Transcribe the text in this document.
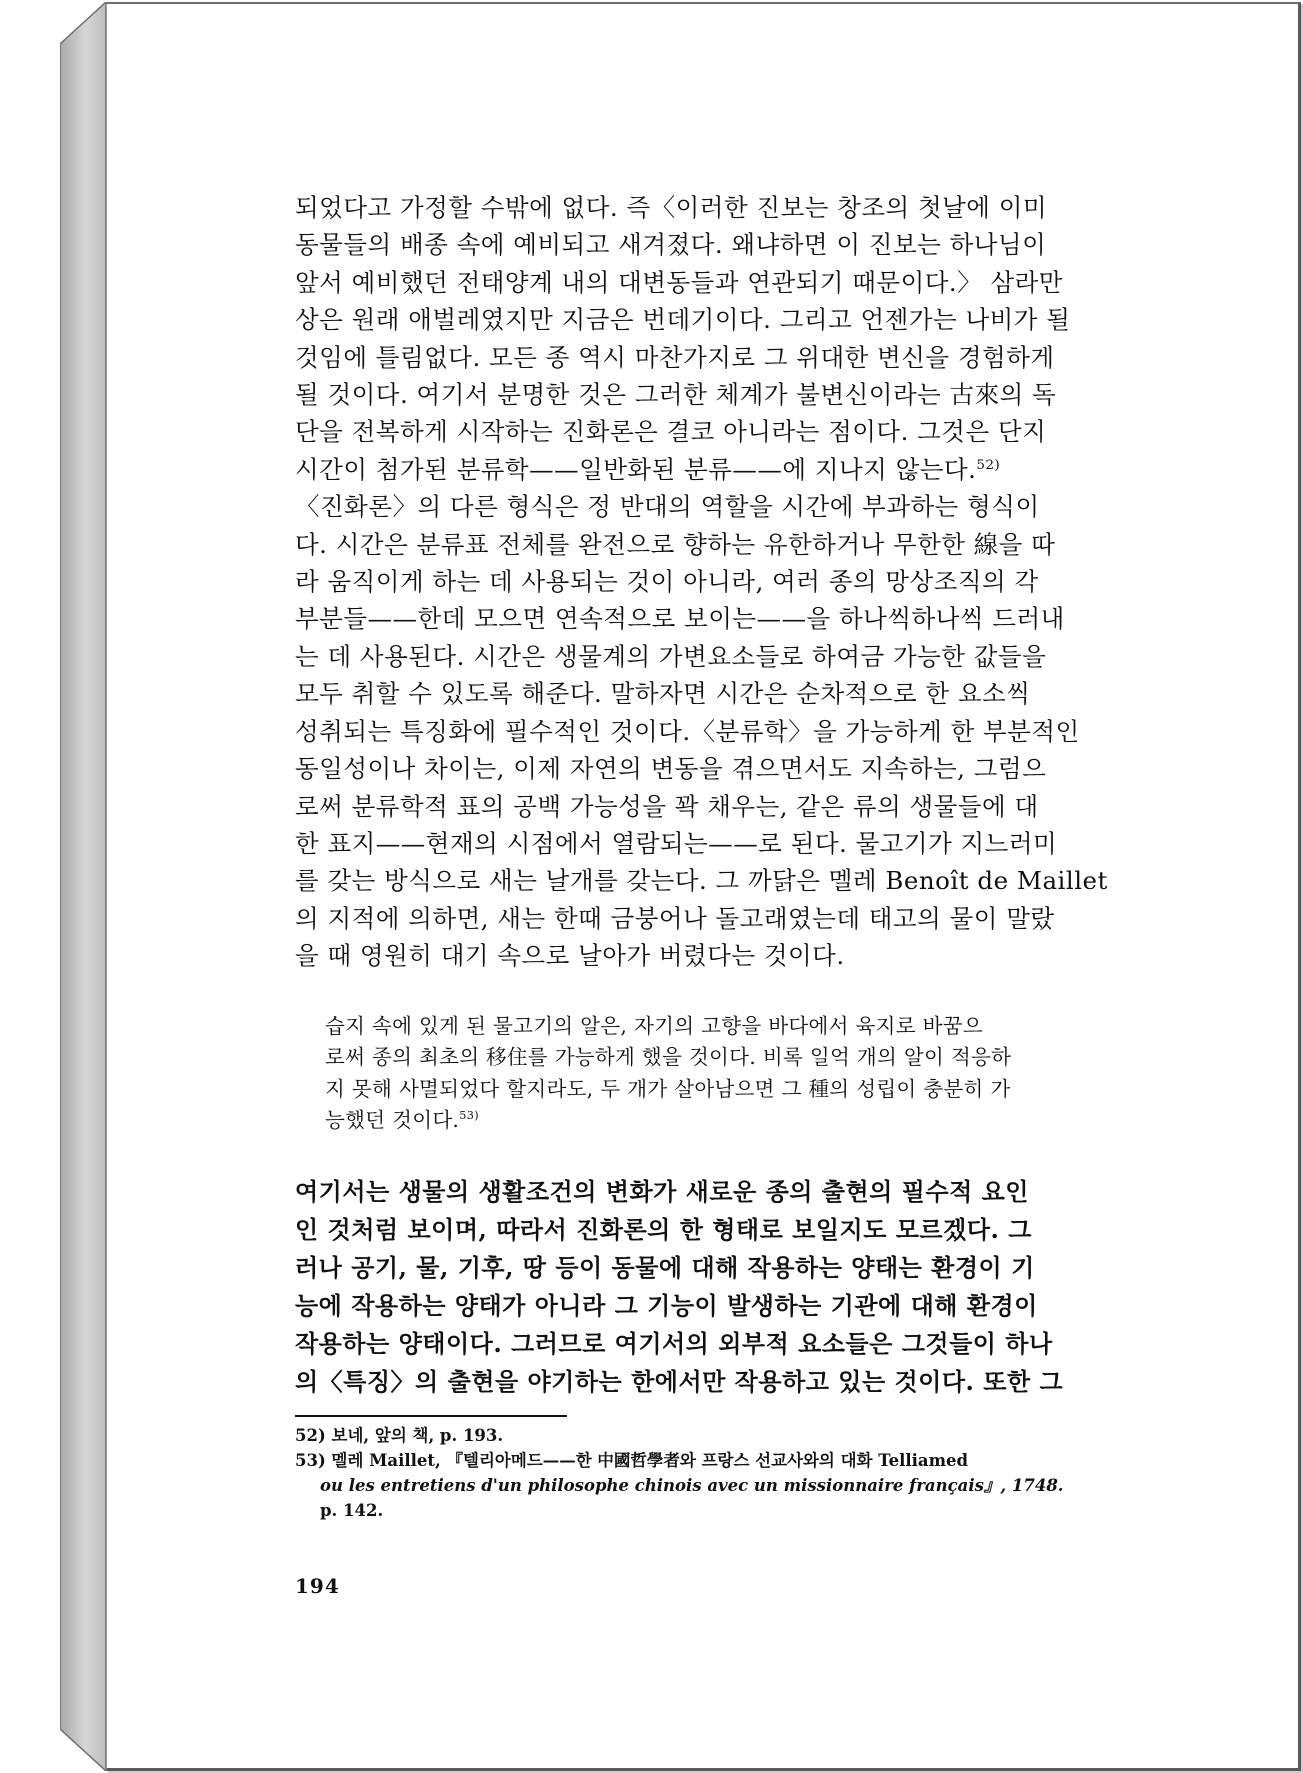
되었다고 가정할 수밖에 없다. 즉〈이러한 진보는 창조의 첫날에 이미
동물들의 배종 속에 예비되고 새겨졌다. 왜냐하면 이 진보는 하나님이
앞서 예비했던 전태양계 내의 대변동들과 연관되기 때문이다.〉 삼라만
상은 원래 애벌레였지만 지금은 번데기이다. 그리고 언젠가는 나비가 될
것임에 틀림없다. 모든 종 역시 마찬가지로 그 위대한 변신을 경험하게
될 것이다. 여기서 분명한 것은 그러한 체계가 불변신이라는 古來의 독
단을 전복하게 시작하는 진화론은 결코 아니라는 점이다. 그것은 단지
시간이 첨가된 분류학——일반화된 분류——에 지나지 않는다.$^{52)}$

〈진화론〉의 다른 형식은 정 반대의 역할을 시간에 부과하는 형식이
다. 시간은 분류표 전체를 완전으로 향하는 유한하거나 무한한 線을 따
라 움직이게 하는 데 사용되는 것이 아니라, 여러 종의 망상조직의 각
부분들——한데 모으면 연속적으로 보이는——을 하나씩하나씩 드러내
는 데 사용된다. 시간은 생물계의 가변요소들로 하여금 가능한 값들을
모두 취할 수 있도록 해준다. 말하자면 시간은 순차적으로 한 요소씩
성취되는 특징화에 필수적인 것이다.〈분류학〉을 가능하게 한 부분적인
동일성이나 차이는, 이제 자연의 변동을 겪으면서도 지속하는, 그럼으
로써 분류학적 표의 공백 가능성을 꽉 채우는, 같은 류의 생물들에 대
한 표지——현재의 시점에서 열람되는——로 된다. 물고기가 지느러미
를 갖는 방식으로 새는 날개를 갖는다. 그 까닭은 멜레 Benoît de Maillet
의 지적에 의하면, 새는 한때 금붕어나 돌고래였는데 태고의 물이 말랐
을 때 영원히 대기 속으로 날아가 버렸다는 것이다.

습지 속에 있게 된 물고기의 알은, 자기의 고향을 바다에서 육지로 바꿈으
로써 종의 최초의 移住를 가능하게 했을 것이다. 비록 일억 개의 알이 적응하
지 못해 사멸되었다 할지라도, 두 개가 살아남으면 그 種의 성립이 충분히 가
능했던 것이다.$^{53)}$

여기서는 생물의 생활조건의 변화가 새로운 종의 출현의 필수적 요인
인 것처럼 보이며, 따라서 진화론의 한 형태로 보일지도 모르겠다. 그
러나 공기, 물, 기후, 땅 등이 동물에 대해 작용하는 양태는 환경이 기
능에 작용하는 양태가 아니라 그 기능이 발생하는 기관에 대해 환경이
작용하는 양태이다. 그러므로 여기서의 외부적 요소들은 그것들이 하나
의〈특징〉의 출현을 야기하는 한에서만 작용하고 있는 것이다. 또한 그

52) 보네, 앞의 책, p. 193.
53) 멜레 Maillet, 『텔리아메드——한 中國哲學者와 프랑스 선교사와의 대화 Telliamed
ou les entretiens d'un philosophe chinois avec un missionnaire français』, 1748.
p. 142.
194
